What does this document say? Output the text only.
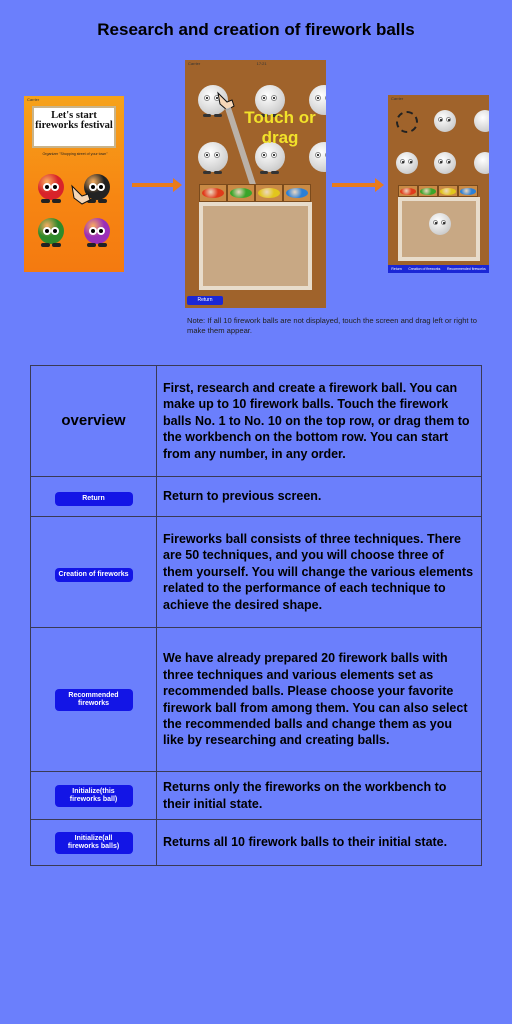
Research and creation of firework balls
Carrier
Let's start fireworks festival
Organizer "Shopping street of your town"
Carrier	17:21
Touch or drag
Return
Carrier
Return Creation of fireworks Recommended fireworks
Note: If all 10 firework balls are not displayed, touch the screen and drag left or right to make them appear.
overview	First, research and create a firework ball. You can make up to 10 firework balls. Touch the firework balls No. 1 to No. 10 on the top row, or drag them to the workbench on the bottom row. You can start from any number, in any order.
Return	Return to previous screen.
Creation of fireworks	Fireworks ball consists of three techniques. There are 50 techniques, and you will choose three of them yourself. You will change the various elements related to the performance of each technique to achieve the desired shape.
Recommended fireworks	We have already prepared 20 firework balls with three techniques and various elements set as recommended balls. Please choose your favorite firework ball from among them. You can also select the recommended balls and change them as you like by researching and creating balls.
Initialize(this fireworks ball)	Returns only the fireworks on the workbench to their initial state.
Initialize(all fireworks balls)	Returns all 10 firework balls to their initial state.
